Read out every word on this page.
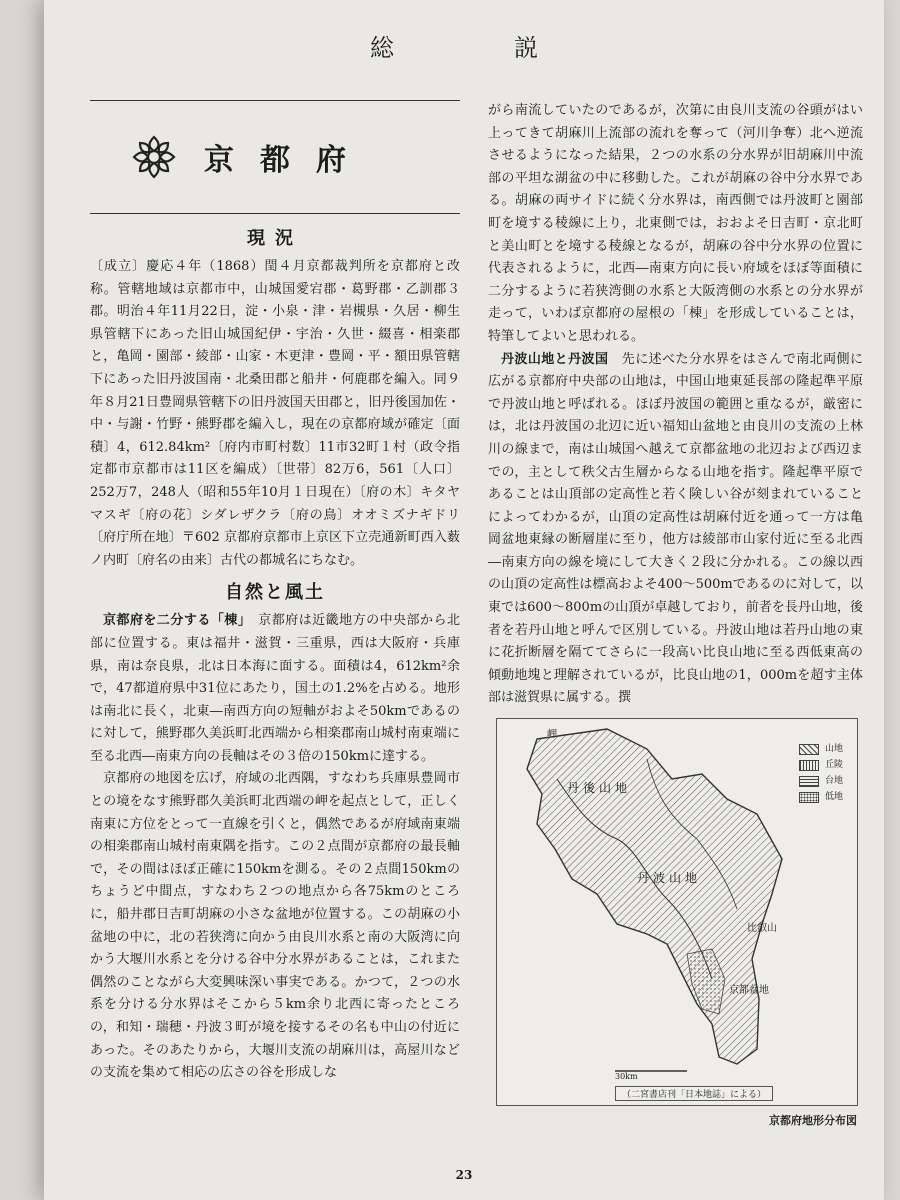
総説
京都府
現況

〔成立〕慶応４年（1868）閏４月京都裁判所を京都府と改称。管轄地域は京都市中，山城国愛宕郡・葛野郡・乙訓郡３郡。明治４年11月22日，淀・小泉・津・岩槻県・久居・柳生県管轄下にあった旧山城国紀伊・宇治・久世・綴喜・相楽郡と，亀岡・園部・綾部・山家・木更津・豊岡・平・額田県管轄下にあった旧丹波国南・北桑田郡と船井・何鹿郡を編入。同９年８月21日豊岡県管轄下の旧丹波国天田郡と，旧丹後国加佐・中・与謝・竹野・熊野郡を編入し，現在の京都府域が確定〔面積〕4，612.84km²〔府内市町村数〕11市32町１村（政令指定都市京都市は11区を編成）〔世帯〕82万6，561〔人口〕252万7，248人（昭和55年10月１日現在）〔府の木〕キタヤマスギ〔府の花〕シダレザクラ〔府の鳥〕オオミズナギドリ〔府庁所在地〕〒602 京都府京都市上京区下立売通新町西入薮ノ内町〔府名の由来〕古代の都城名にちなむ。

自然と風土

京都府を二分する「棟」　 京都府は近畿地方の中央部から北部に位置する。東は福井・滋賀・三重県，西は大阪府・兵庫県，南は奈良県，北は日本海に面する。面積は4，612km²余で，47都道府県中31位にあたり，国土の1.2%を占める。地形は南北に長く，北東―南西方向の短軸がおよそ50kmであるのに対して，熊野郡久美浜町北西端から相楽郡南山城村南東端に至る北西―南東方向の長軸はその３倍の150kmに達する。

京都府の地図を広げ，府域の北西隅，すなわち兵庫県豊岡市との境をなす熊野郡久美浜町北西端の岬を起点として，正しく南東に方位をとって一直線を引くと，偶然であるが府域南東端の相楽郡南山城村南東隅を指す。この２点間が京都府の最長軸で，その間はほぼ正確に150kmを測る。その２点間150kmのちょうど中間点，すなわち２つの地点から各75kmのところに，船井郡日吉町胡麻の小さな盆地が位置する。この胡麻の小盆地の中に，北の若狭湾に向かう由良川水系と南の大阪湾に向かう大堰川水系とを分ける谷中分水界があることは，これまた偶然のことながら大変興味深い事実である。かつて，２つの水系を分ける分水界はそこから５km余り北西に寄ったところの，和知・瑞穂・丹波３町が境を接するその名も中山の付近にあった。そのあたりから，大堰川支流の胡麻川は，高屋川などの支流を集めて相応の広さの谷を形成しな

がら南流していたのであるが，次第に由良川支流の谷頭がはい上ってきて胡麻川上流部の流れを奪って（河川争奪）北へ逆流させるようになった結果，２つの水系の分水界が旧胡麻川中流部の平坦な湖盆の中に移動した。これが胡麻の谷中分水界である。胡麻の両サイドに続く分水界は，南西側では丹波町と園部町を境する稜線に上り，北東側では，おおよそ日吉町・京北町と美山町とを境する稜線となるが，胡麻の谷中分水界の位置に代表されるように，北西―南東方向に長い府域をほぼ等面積に二分するように若狭湾側の水系と大阪湾側の水系との分水界が走って，いわば京都府の屋根の「棟」を形成していることは，特筆してよいと思われる。

丹波山地と丹波国　 先に述べた分水界をはさんで南北両側に広がる京都府中央部の山地は，中国山地東延長部の隆起準平原で丹波山地と呼ばれる。ほぼ丹波国の範囲と重なるが，厳密には，北は丹波国の北辺に近い福知山盆地と由良川の支流の上林川の線まで，南は山城国へ越えて京都盆地の北辺および西辺までの，主として秩父古生層からなる山地を指す。隆起準平原であることは山頂部の定高性と若く険しい谷が刻まれていることによってわかるが，山頂の定高性は胡麻付近を通って一方は亀岡盆地東縁の断層崖に至り，他方は綾部市山家付近に至る北西―南東方向の線を境にして大きく２段に分かれる。この線以西の山頂の定高性は標高およそ400～500mであるのに対して，以東では600～800mの山頂が卓越しており，前者を長丹山地，後者を若丹山地と呼んで区別している。丹波山地は若丹山地の東に花折断層を隔ててさらに一段高い比良山地に至る西低東高の傾動地塊と理解されているが，比良山地の1，000mを超す主体部は滋賀県に属する。撰

岬
丹後山地
丹波山地
京都盆地
比叡山
山地
丘陵
台地
低地
30km
（二宮書店刊「日本地誌」による）
京都府地形分布図
23
